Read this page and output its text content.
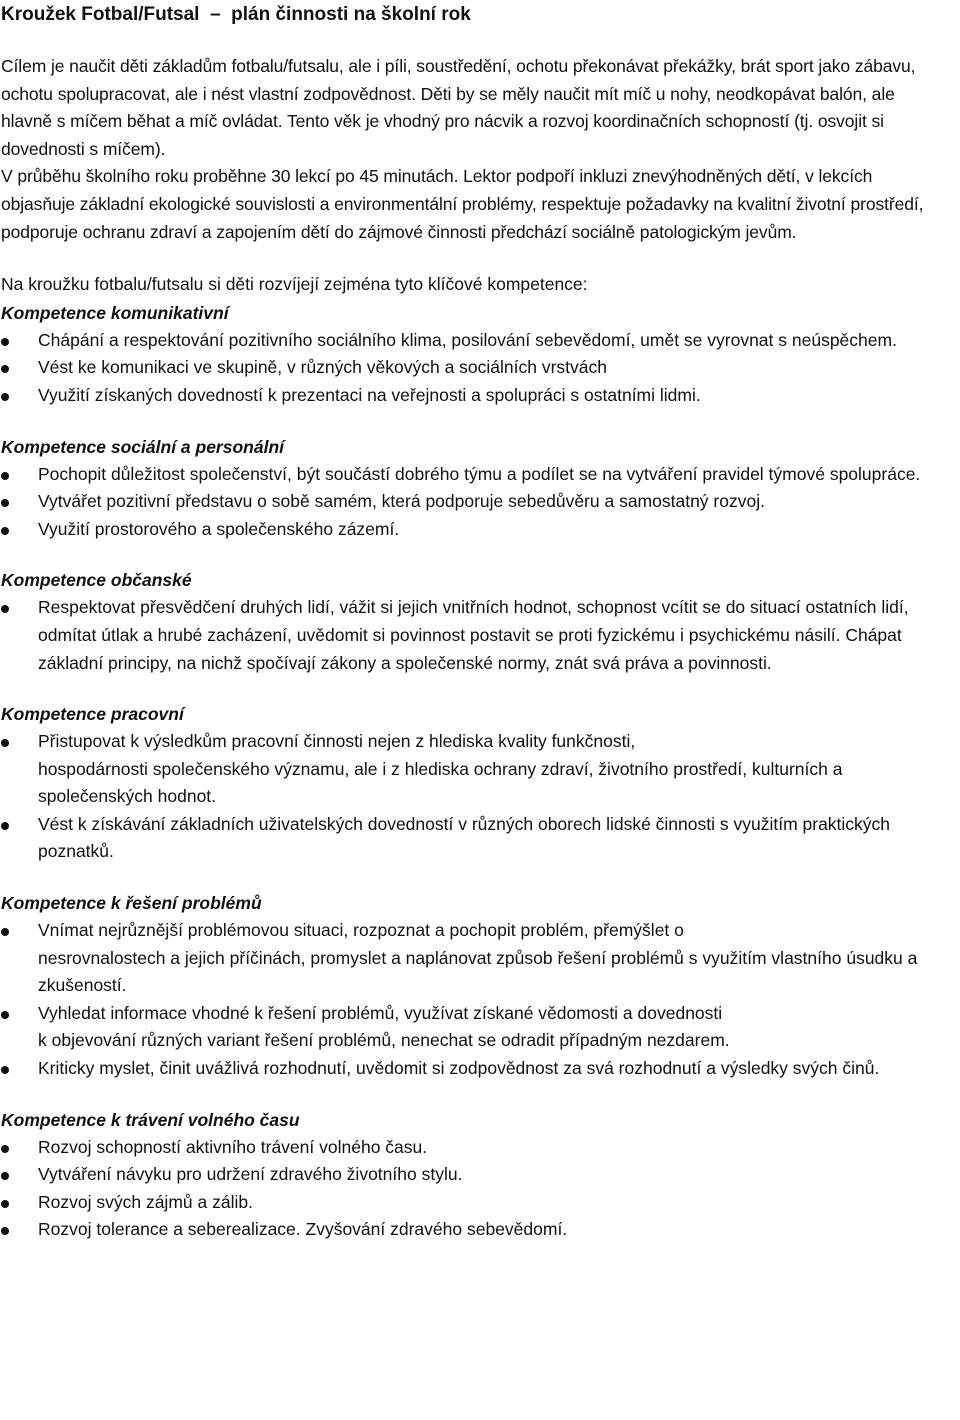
Kroužek Fotbal/Futsal  –  plán činnosti na školní rok

Cílem je naučit děti základům fotbalu/futsalu, ale i píli, soustředění, ochotu překonávat překážky, brát sport jako zábavu, ochotu spolupracovat, ale i nést vlastní zodpovědnost. Děti by se měly naučit mít míč u nohy, neodkopávat balón, ale hlavně s míčem běhat a míč ovládat. Tento věk je vhodný pro nácvik a rozvoj koordinačních schopností (tj. osvojit si dovednosti s míčem).

V průběhu školního roku proběhne 30 lekcí po 45 minutách. Lektor podpoří inkluzi znevýhodněných dětí, v lekcích objasňuje základní ekologické souvislosti a environmentální problémy, respektuje požadavky na kvalitní životní prostředí, podporuje ochranu zdraví a zapojením dětí do zájmové činnosti předchází sociálně patologickým jevům.

Na kroužku fotbalu/futsalu si děti rozvíjejí zejména tyto klíčové kompetence:
Kompetence komunikativní
Chápání a respektování pozitivního sociálního klima, posilování sebevědomí, umět se vyrovnat s neúspěchem.
Vést ke komunikaci ve skupině, v různých věkových a sociálních vrstvách
Využití získaných dovedností k prezentaci na veřejnosti a spolupráci s ostatními lidmi.
Kompetence sociální a personální
Pochopit důležitost společenství, být součástí dobrého týmu a podílet se na vytváření pravidel týmové spolupráce.
Vytvářet pozitivní představu o sobě samém, která podporuje sebedůvěru a samostatný rozvoj.
Využití prostorového a společenského zázemí.
Kompetence občanské
Respektovat přesvědčení druhých lidí, vážit si jejich vnitřních hodnot, schopnost vcítit se do situací ostatních lidí, odmítat útlak a hrubé zacházení, uvědomit si povinnost postavit se proti fyzickému i psychickému násilí. Chápat základní principy, na nichž spočívají zákony a společenské normy, znát svá práva a povinnosti.
Kompetence pracovní
Přistupovat k výsledkům pracovní činnosti nejen z hlediska kvality funkčnosti,
hospodárnosti společenského významu, ale i z hlediska ochrany zdraví, životního prostředí, kulturních a společenských hodnot.
Vést k získávání základních uživatelských dovedností v různých oborech lidské činnosti s využitím praktických poznatků.
Kompetence k řešení problémů
Vnímat nejrůznější problémovou situaci, rozpoznat a pochopit problém, přemýšlet o
nesrovnalostech a jejich příčinách, promyslet a naplánovat způsob řešení problémů s využitím vlastního úsudku a zkušeností.
Vyhledat informace vhodné k řešení problémů, využívat získané vědomosti a dovednosti
k objevování různých variant řešení problémů, nenechat se odradit případným nezdarem.
Kriticky myslet, činit uvážlivá rozhodnutí, uvědomit si zodpovědnost za svá rozhodnutí a výsledky svých činů.
Kompetence k trávení volného času
Rozvoj schopností aktivního trávení volného času.
Vytváření návyku pro udržení zdravého životního stylu.
Rozvoj svých zájmů a zálib.
Rozvoj tolerance a seberealizace. Zvyšování zdravého sebevědomí.
